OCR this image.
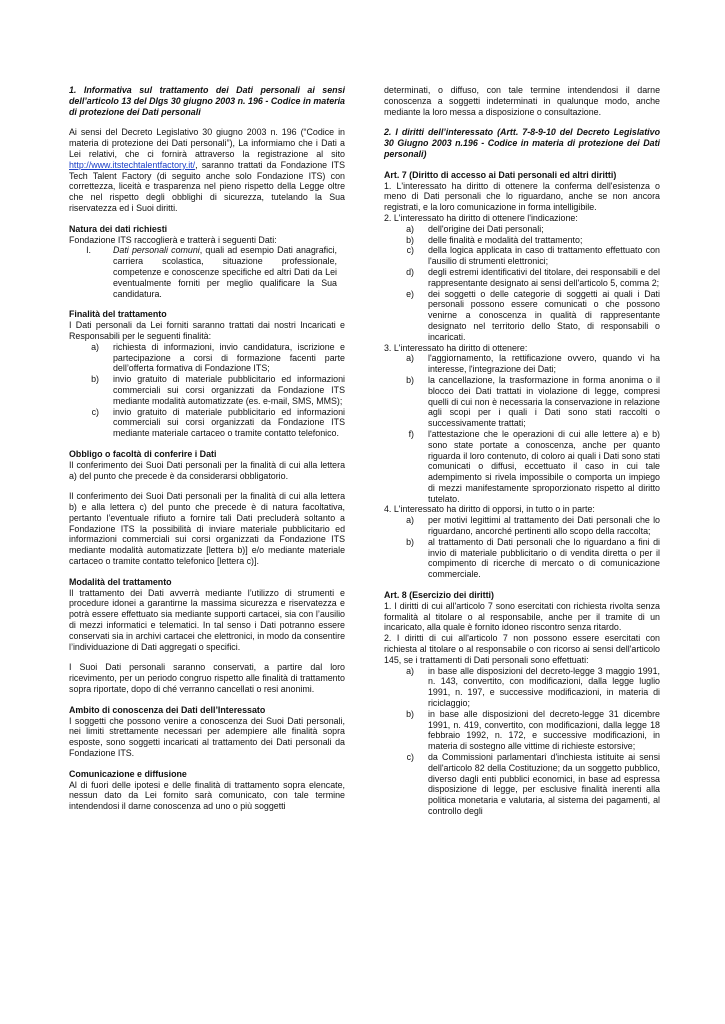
1. Informativa sul trattamento dei Dati personali ai sensi dell’articolo 13 del Dlgs 30 giugno 2003 n. 196 - Codice in materia di protezione dei Dati personali

Ai sensi del Decreto Legislativo 30 giugno 2003 n. 196 (“Codice in materia di protezione dei Dati personali”), La informiamo che i Dati a Lei relativi, che ci fornirà attraverso la registrazione al sito http://www.itstechtalentfactory.it/, saranno trattati da Fondazione ITS Tech Talent Factory (di seguito anche solo Fondazione ITS) con correttezza, liceità e trasparenza nel pieno rispetto della Legge oltre che nel rispetto degli obblighi di sicurezza, tutelando la Sua riservatezza ed i Suoi diritti.

Natura dei dati richiesti

Fondazione ITS raccoglierà e tratterà i seguenti Dati:

I.	Dati personali comuni, quali ad esempio Dati anagrafici, carriera scolastica, situazione professionale, competenze e conoscenze specifiche ed altri Dati da Lei eventualmente forniti per meglio qualificare la Sua candidatura.

Finalità del trattamento

I Dati personali da Lei forniti saranno trattati dai nostri Incaricati e Responsabili per le seguenti finalità:

a)	richiesta di informazioni, invio candidatura, iscrizione e partecipazione a corsi di formazione facenti parte dell’offerta formativa di Fondazione ITS;
b)	invio gratuito di materiale pubblicitario ed informazioni commerciali sui corsi organizzati da Fondazione ITS mediante modalità automatizzate (es. e-mail, SMS, MMS);
c)	invio gratuito di materiale pubblicitario ed informazioni commerciali sui corsi organizzati da Fondazione ITS mediante materiale cartaceo o tramite contatto telefonico.

Obbligo o facoltà di conferire i Dati

Il conferimento dei Suoi Dati personali per la finalità di cui alla lettera a) del punto che precede è da considerarsi obbligatorio.

Il conferimento dei Suoi Dati personali per la finalità di cui alla lettera b) e alla lettera c) del punto che precede è di natura facoltativa, pertanto l’eventuale rifiuto a fornire tali Dati precluderà soltanto a Fondazione ITS la possibilità di inviare materiale pubblicitario ed informazioni commerciali sui corsi organizzati da Fondazione ITS mediante modalità automatizzate [lettera b)] e/o mediante materiale cartaceo o tramite contatto telefonico [lettera c)].

Modalità del trattamento

Il trattamento dei Dati avverrà mediante l’utilizzo di strumenti e procedure idonei a garantirne la massima sicurezza e riservatezza e potrà essere effettuato sia mediante supporti cartacei, sia con l’ausilio di mezzi informatici e telematici. In tal senso i Dati potranno essere conservati sia in archivi cartacei che elettronici, in modo da consentire l’individuazione di Dati aggregati o specifici.

I Suoi Dati personali saranno conservati, a partire dal loro ricevimento, per un periodo congruo rispetto alle finalità di trattamento sopra riportate, dopo di ché verranno cancellati o resi anonimi.

Ambito di conoscenza dei Dati dell’Interessato

I soggetti che possono venire a conoscenza dei Suoi Dati personali, nei limiti strettamente necessari per adempiere alle finalità sopra esposte, sono soggetti incaricati al trattamento dei Dati personali da Fondazione ITS.

Comunicazione e diffusione

Al di fuori delle ipotesi e delle finalità di trattamento sopra elencate, nessun dato da Lei fornito sarà comunicato, con tale termine intendendosi il darne conoscenza ad uno o più soggetti

determinati, o diffuso, con tale termine intendendosi il darne conoscenza a soggetti indeterminati in qualunque modo, anche mediante la loro messa a disposizione o consultazione.

2. I diritti dell’interessato (Artt. 7-8-9-10 del Decreto Legislativo 30 Giugno 2003 n.196 - Codice in materia di protezione dei Dati personali)

Art. 7 (Diritto di accesso ai Dati personali ed altri diritti)

1. L'interessato ha diritto di ottenere la conferma dell'esistenza o meno di Dati personali che lo riguardano, anche se non ancora registrati, e la loro comunicazione in forma intelligibile.

2. L'interessato ha diritto di ottenere l'indicazione:

a)	dell'origine dei Dati personali;
b)	delle finalità e modalità del trattamento;
c)	della logica applicata in caso di trattamento effettuato con l'ausilio di strumenti elettronici;
d)	degli estremi identificativi del titolare, dei responsabili e del rappresentante designato ai sensi dell'articolo 5, comma 2;
e)	dei soggetti o delle categorie di soggetti ai quali i Dati personali possono essere comunicati o che possono venirne a conoscenza in qualità di rappresentante designato nel territorio dello Stato, di responsabili o incaricati.

3. L'interessato ha diritto di ottenere:

a)	l'aggiornamento, la rettificazione ovvero, quando vi ha interesse, l'integrazione dei Dati;
b)	la cancellazione, la trasformazione in forma anonima o il blocco dei Dati trattati in violazione di legge, compresi quelli di cui non è necessaria la conservazione in relazione agli scopi per i quali i Dati sono stati raccolti o successivamente trattati;
f)	l'attestazione che le operazioni di cui alle lettere a) e b) sono state portate a conoscenza, anche per quanto riguarda il loro contenuto, di coloro ai quali i Dati sono stati comunicati o diffusi, eccettuato il caso in cui tale adempimento si rivela impossibile o comporta un impiego di mezzi manifestamente sproporzionato rispetto al diritto tutelato.

4. L'interessato ha diritto di opporsi, in tutto o in parte:

a)	per motivi legittimi al trattamento dei Dati personali che lo riguardano, ancorché pertinenti allo scopo della raccolta;
b)	al trattamento di Dati personali che lo riguardano a fini di invio di materiale pubblicitario o di vendita diretta o per il compimento di ricerche di mercato o di comunicazione commerciale.

Art. 8 (Esercizio dei diritti)

1. I diritti di cui all'articolo 7 sono esercitati con richiesta rivolta senza formalità al titolare o al responsabile, anche per il tramite di un incaricato, alla quale è fornito idoneo riscontro senza ritardo.

2. I diritti di cui all'articolo 7 non possono essere esercitati con richiesta al titolare o al responsabile o con ricorso ai sensi dell'articolo 145, se i trattamenti di Dati personali sono effettuati:

a)	in base alle disposizioni del decreto-legge 3 maggio 1991, n. 143, convertito, con modificazioni, dalla legge luglio 1991, n. 197, e successive modificazioni, in materia di riciclaggio;
b)	in base alle disposizioni del decreto-legge 31 dicembre 1991, n. 419, convertito, con modificazioni, dalla legge 18 febbraio 1992, n. 172, e successive modificazioni, in materia di sostegno alle vittime di richieste estorsive;
c)	da Commissioni parlamentari d'inchiesta istituite ai sensi dell'articolo 82 della Costituzione; da un soggetto pubblico, diverso dagli enti pubblici economici, in base ad espressa disposizione di legge, per esclusive finalità inerenti alla politica monetaria e valutaria, al sistema dei pagamenti, al controllo degli
